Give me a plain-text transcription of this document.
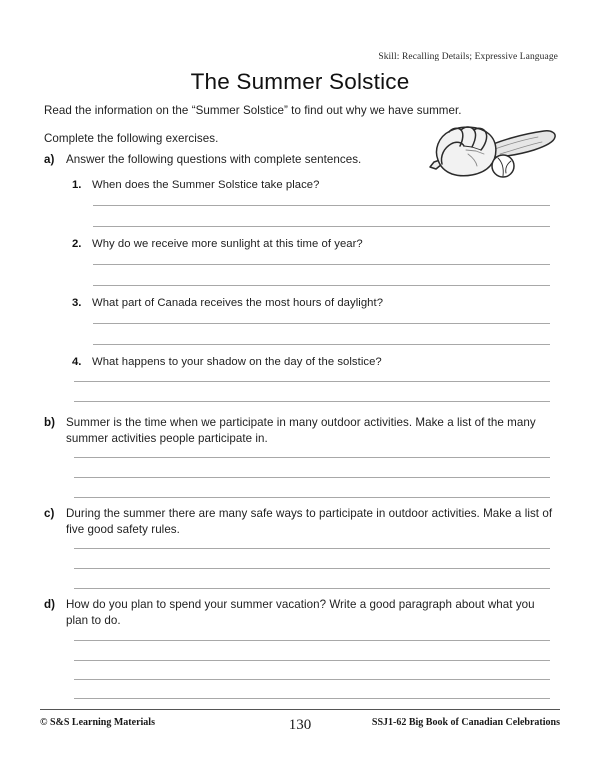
Skill: Recalling Details; Expressive Language
The Summer Solstice
Read the information on the “Summer Solstice” to find out why we have summer.
Complete the following exercises.
a)	Answer the following questions with complete sentences.
1. When does the Summer Solstice take place?
2. Why do we receive more sunlight at this time of year?
3. What part of Canada receives the most hours of daylight?
4. What happens to your shadow on the day of the solstice?
b) Summer is the time when we participate in many outdoor activities. Make a list of the many summer activities people participate in.
c)	During the summer there are many safe ways to participate in outdoor activities. Make a list of five good safety rules.
d) How do you plan to spend your summer vacation? Write a good paragraph about what you plan to do.
© S&S Learning Materials	130	SSJ1-62 Big Book of Canadian Celebrations
